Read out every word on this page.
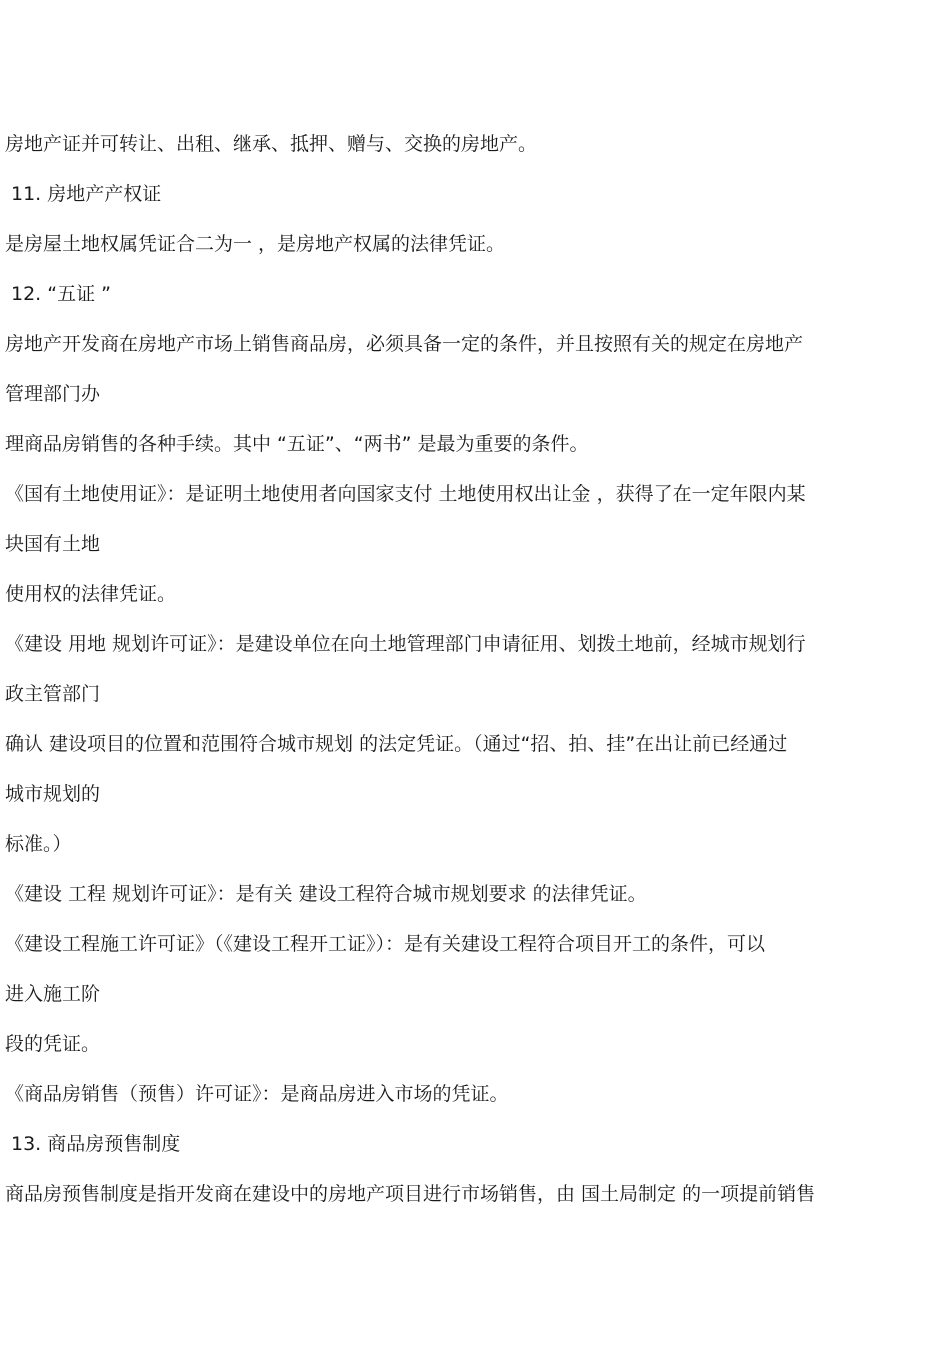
房地产证并可转让、出租、继承、抵押、赠与、交换的房地产。
11. 房地产产权证
是房屋土地权属凭证合二为一 ，是房地产权属的法律凭证。
12. “五证 ”
房地产开发商在房地产市场上销售商品房，必须具备一定的条件，并且按照有关的规定在房地产
管理部门办
理商品房销售的各种手续。其中 “五证”、“两书” 是最为重要的条件。
《国有土地使用证》：是证明土地使用者向国家支付 土地使用权出让金 ，获得了在一定年限内某
块国有土地
使用权的法律凭证。
《建设 用地 规划许可证》：是建设单位在向土地管理部门申请征用、划拨土地前，经城市规划行
政主管部门
确认 建设项目的位置和范围符合城市规划 的法定凭证。（通过“招、拍、挂”在出让前已经通过
城市规划的
标准。）
《建设 工程 规划许可证》：是有关 建设工程符合城市规划要求 的法律凭证。
《建设工程施工许可证》（《建设工程开工证》）：是有关建设工程符合项目开工的条件，可以
进入施工阶
段的凭证。
《商品房销售（预售）许可证》：是商品房进入市场的凭证。
13. 商品房预售制度
商品房预售制度是指开发商在建设中的房地产项目进行市场销售，由 国土局制定 的一项提前销售
